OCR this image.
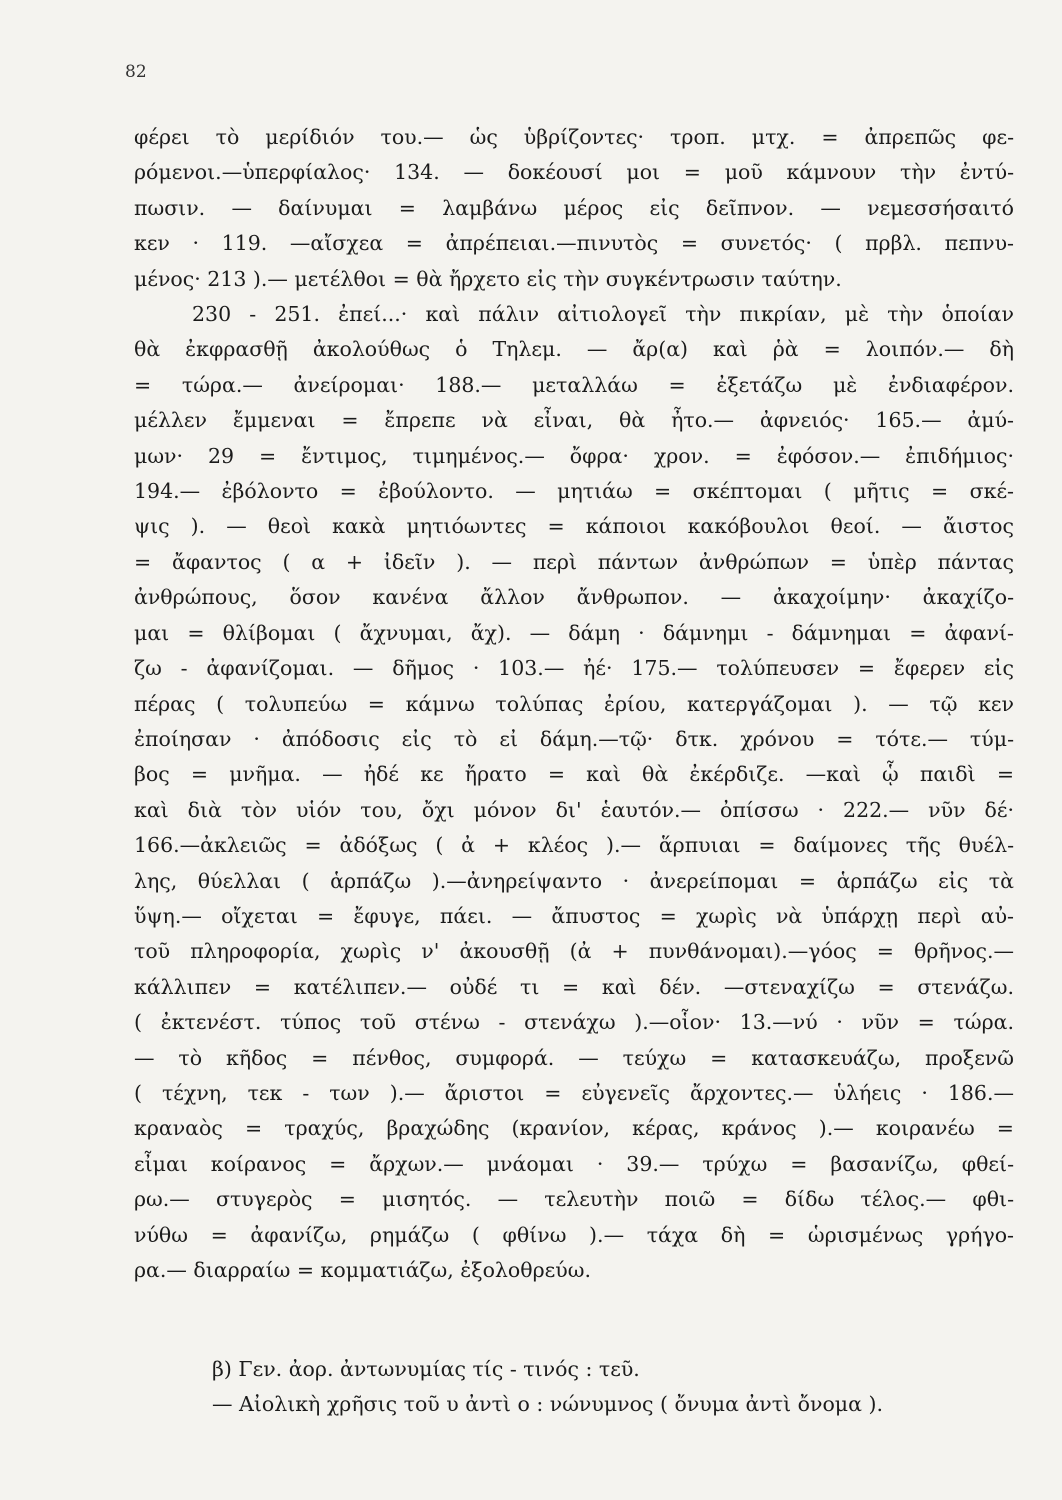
82
φέρει τὸ μερίδιόν του.— ὡς ὑβρίζοντες· τροπ. μτχ. = ἀπρεπῶς φε-
ρόμενοι.—ὑπερφίαλος· 134. — δοκέουσί μοι = μοῦ κάμνουν τὴν ἐντύ-
πωσιν. — δαίνυμαι = λαμβάνω μέρος εἰς δεῖπνον. — νεμεσσήσαιτό
κεν · 119. —αἴσχεα = ἀπρέπειαι.—πινυτὸς = συνετός· ( πρβλ. πεπνυ-
μένος· 213 ).— μετέλθοι = θὰ ἤρχετο εἰς τὴν συγκέντρωσιν ταύτην.
230 - 251. ἐπεί...· καὶ πάλιν αἰτιολογεῖ τὴν πικρίαν, μὲ τὴν ὁποίαν
θὰ ἐκφρασθῇ ἀκολούθως ὁ Τηλεμ. — ἄρ(α) καὶ ῥὰ = λοιπόν.— δὴ
= τώρα.— ἀνείρομαι· 188.— μεταλλάω = ἐξετάζω μὲ ἐνδιαφέρον.
μέλλεν ἔμμεναι = ἔπρεπε νὰ εἶναι, θὰ ἦτο.— ἀφνειός· 165.— ἀμύ-
μων· 29 = ἔντιμος, τιμημένος.— ὄφρα· χρον. = ἐφόσον.— ἐπιδήμιος·
194.— ἐβόλοντο = ἐβούλοντο. — μητιάω = σκέπτομαι ( μῆτις = σκέ-
ψις ). — θεοὶ κακὰ μητιόωντες = κάποιοι κακόβουλοι θεοί. — ἄιστος
= ἄφαντος ( α + ἰδεῖν ). — περὶ πάντων ἀνθρώπων = ὑπὲρ πάντας
ἀνθρώπους, ὅσον κανένα ἄλλον ἄνθρωπον. — ἀκαχοίμην· ἀκαχίζο-
μαι = θλίβομαι ( ἄχνυμαι, ἄχ). — δάμη · δάμνημι - δάμνημαι = ἀφανί-
ζω - ἀφανίζομαι. — δῆμος · 103.— ἠέ· 175.— τολύπευσεν = ἔφερεν εἰς
πέρας ( τολυπεύω = κάμνω τολύπας ἐρίου, κατεργάζομαι ). — τῷ κεν
ἐποίησαν · ἀπόδοσις εἰς τὸ εἰ δάμη.—τῷ· δτκ. χρόνου = τότε.— τύμ-
βος = μνῆμα. — ἠδέ κε ἤρατο = καὶ θὰ ἐκέρδιζε. —καὶ ᾧ παιδὶ =
καὶ διὰ τὸν υἱόν του, ὄχι μόνον δι' ἑαυτόν.— ὀπίσσω · 222.— νῦν δέ·
166.—ἀκλειῶς = ἀδόξως ( ἀ + κλέος ).— ἅρπυιαι = δαίμονες τῆς θυέλ-
λης, θύελλαι ( ἁρπάζω ).—ἀνηρείψαντο · ἀνερείπομαι = ἁρπάζω εἰς τὰ
ὕψη.— οἴχεται = ἔφυγε, πάει. — ἄπυστος = χωρὶς νὰ ὑπάρχῃ περὶ αὐ-
τοῦ πληροφορία, χωρὶς ν' ἀκουσθῇ (ἀ + πυνθάνομαι).—γόος = θρῆνος.—
κάλλιπεν = κατέλιπεν.— οὐδέ τι = καὶ δέν. —στεναχίζω = στενάζω.
( ἐκτενέστ. τύπος τοῦ στένω - στενάχω ).—οἷον· 13.—νύ · νῦν = τώρα.
— τὸ κῆδος = πένθος, συμφορά. — τεύχω = κατασκευάζω, προξενῶ
( τέχνη, τεκ - των ).— ἄριστοι = εὐγενεῖς ἄρχοντες.— ὑλήεις · 186.—
κραναὸς = τραχύς, βραχώδης (κρανίον, κέρας, κράνος ).— κοιρανέω =
εἶμαι κοίρανος = ἄρχων.— μνάομαι · 39.— τρύχω = βασανίζω, φθεί-
ρω.— στυγερὸς = μισητός. — τελευτὴν ποιῶ = δίδω τέλος.— φθι-
νύθω = ἀφανίζω, ρημάζω ( φθίνω ).— τάχα δὴ = ὡρισμένως γρήγο-
ρα.— διαρραίω = κομματιάζω, ἐξολοθρεύω.
β) Γεν. ἀορ. ἀντωνυμίας τίς - τινός : τεῦ.
— Αἰολικὴ χρῆσις τοῦ υ ἀντὶ ο : νώνυμνος ( ὄνυμα ἀντὶ ὄνομα ).
